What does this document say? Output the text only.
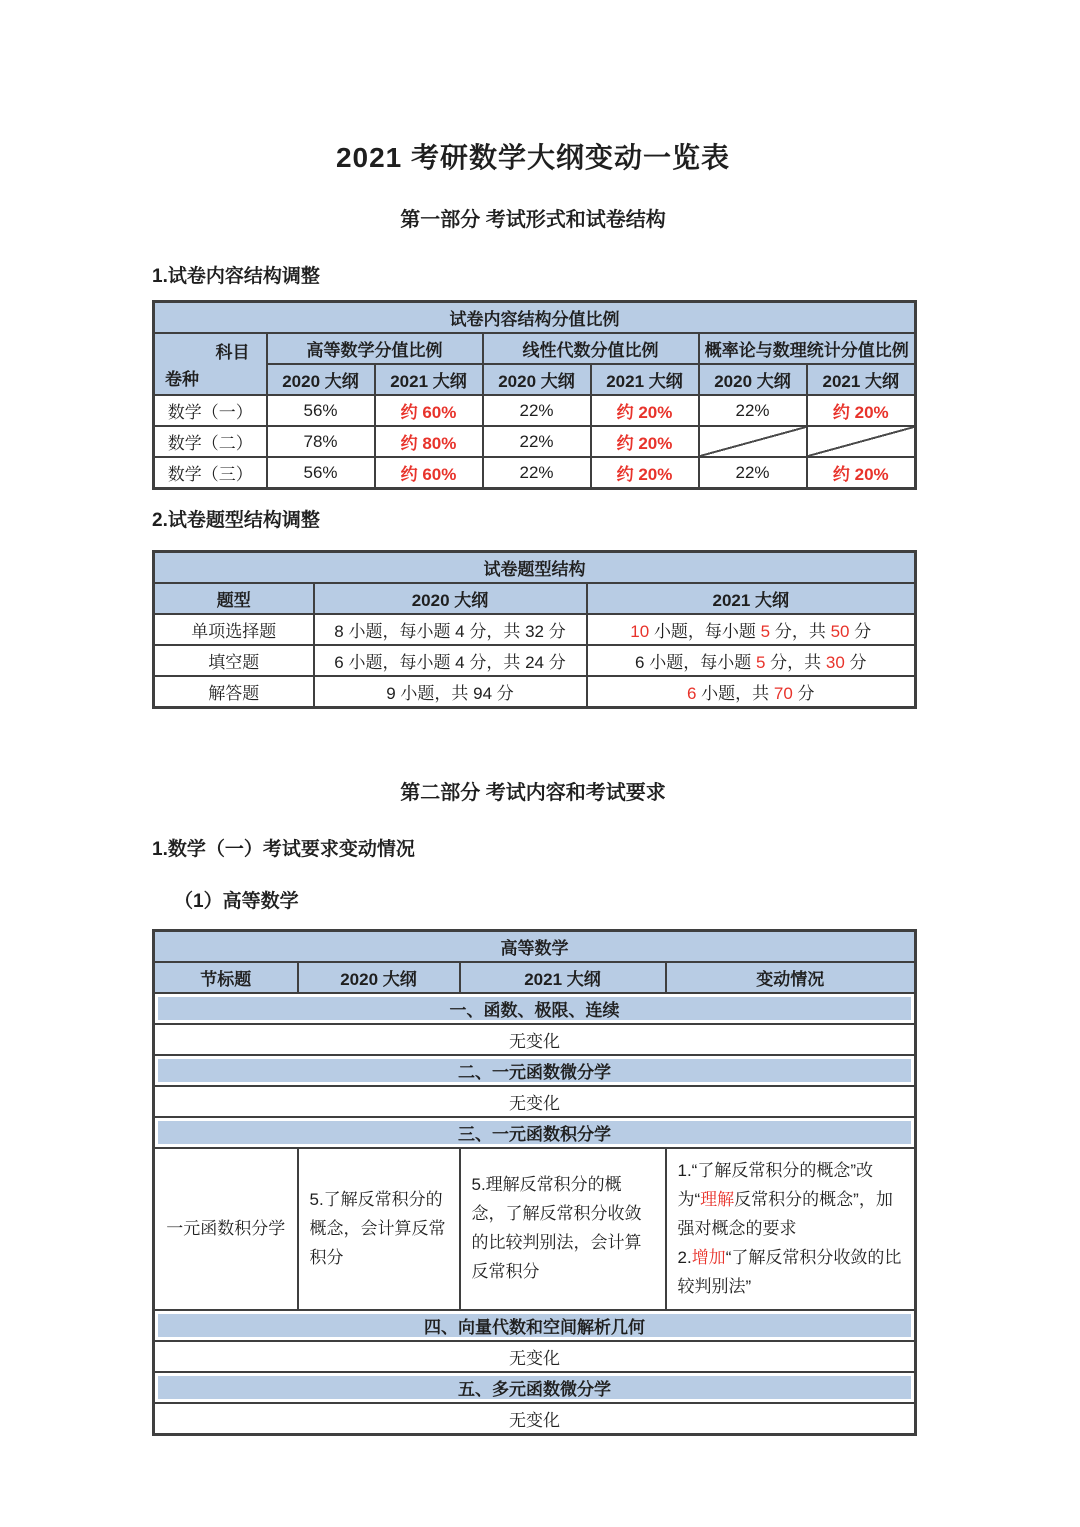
2021 考研数学大纲变动一览表
第一部分 考试形式和试卷结构
1.试卷内容结构调整
试卷内容结构分值比例						

科目
卷种	高等数学分值比例		线性代数分值比例		概率论与数理统计分值比例	
	2020 大纲	2021 大纲	2020 大纲	2021 大纲	2020 大纲	2021 大纲
数学（一）	56%	约 60%	22%	约 20%	22%	约 20%
数学（二）	78%	约 80%	22%	约 20%		
数学（三）	56%	约 60%	22%	约 20%	22%	约 20%
2.试卷题型结构调整
试卷题型结构		
题型	2020 大纲	2021 大纲
单项选择题	8 小题，每小题 4 分，共 32 分	10 小题，每小题 5 分，共 50 分
填空题	6 小题，每小题 4 分，共 24 分	6 小题，每小题 5 分，共 30 分
解答题	9 小题，共 94 分	6 小题，共 70 分
第二部分 考试内容和考试要求
1.数学（一）考试要求变动情况
（1）高等数学
高等数学			
节标题	2020 大纲	2021 大纲	变动情况
一、函数、极限、连续			
无变化			
二、一元函数微分学			
无变化			
三、一元函数积分学			
一元函数积分学	5.了解反常积分的概念，会计算反常积分	5.理解反常积分的概念，了解反常积分收敛的比较判别法，会计算反常积分	1.“了解反常积分的概念”改为“理解反常积分的概念”，加强对概念的要求
2.增加“了解反常积分收敛的比较判别法”
四、向量代数和空间解析几何			
无变化			
五、多元函数微分学			
无变化			
